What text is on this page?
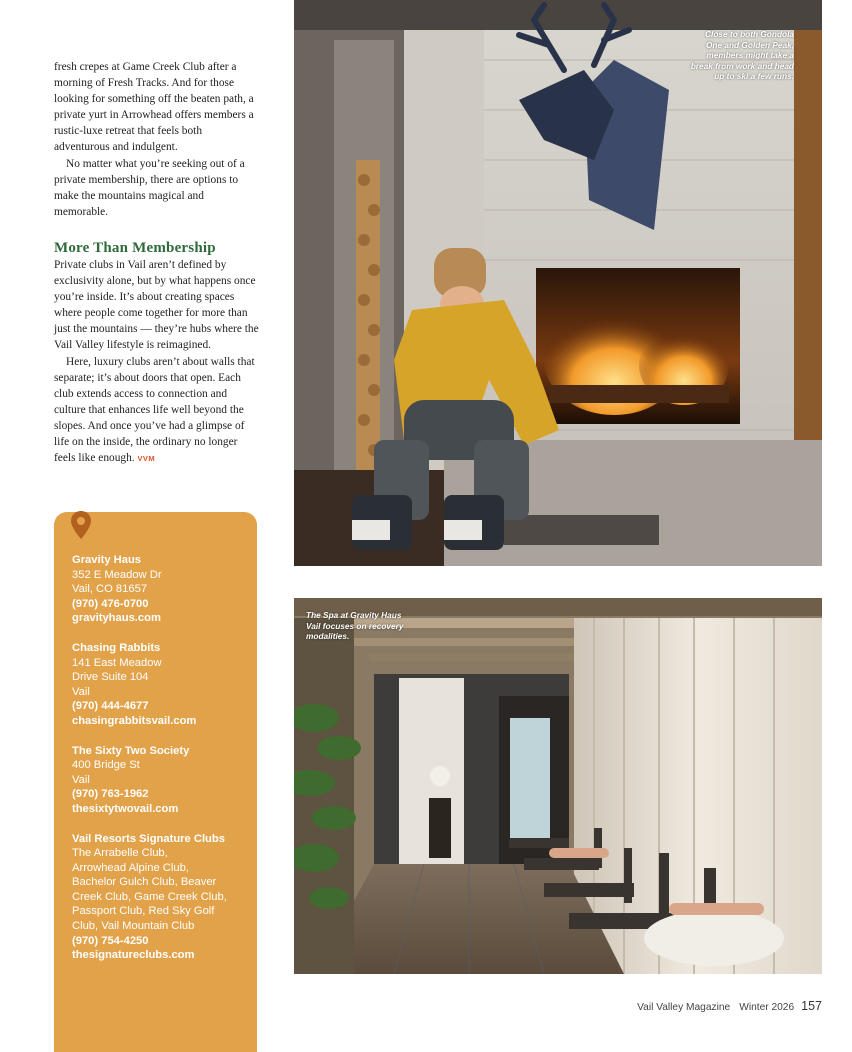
fresh crepes at Game Creek Club after a morning of Fresh Tracks. And for those looking for something off the beaten path, a private yurt in Arrowhead offers members a rustic-luxe retreat that feels both adventurous and indulgent.

No matter what you’re seeking out of a private membership, there are options to make the mountains magical and memorable.

More Than Membership

Private clubs in Vail aren’t defined by exclusivity alone, but by what happens once you’re inside. It’s about creating spaces where people come together for more than just the mountains — they’re hubs where the Vail Valley lifestyle is reimagined.

Here, luxury clubs aren’t about walls that separate; it’s about doors that open. Each club extends access to connection and culture that enhances life well beyond the slopes. And once you’ve had a glimpse of life on the inside, the ordinary no longer feels like enough. VVM

Gravity Haus
352 E Meadow Dr
Vail, CO 81657
(970) 476-0700
gravityhaus.com
Chasing Rabbits
141 East Meadow
Drive Suite 104
Vail
(970) 444-4677
chasingrabbitsvail.com
The Sixty Two Society
400 Bridge St
Vail
(970) 763-1962
thesixtytwovail.com
Vail Resorts Signature Clubs
The Arrabelle Club,
Arrowhead Alpine Club,
Bachelor Gulch Club, Beaver
Creek Club, Game Creek Club,
Passport Club, Red Sky Golf
Club, Vail Mountain Club
(970) 754-4250
thesignatureclubs.com
Close to both Gondola One and Golden Peak, members might take a break from work and head up to ski a few runs.
The Spa at Gravity Haus Vail focuses on recovery modalities.
Vail Valley Magazine Winter 2026 157
